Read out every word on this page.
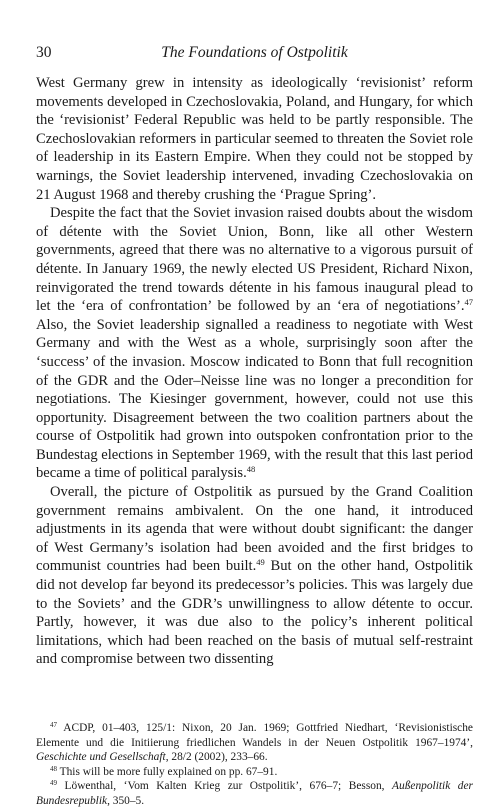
30	The Foundations of Ostpolitik

West Germany grew in intensity as ideologically ‘revisionist’ reform movements developed in Czechoslovakia, Poland, and Hungary, for which the ‘revisionist’ Federal Republic was held to be partly responsible. The Czechoslovakian reformers in particular seemed to threaten the Soviet role of leadership in its Eastern Empire. When they could not be stopped by warnings, the Soviet leadership intervened, invading Czechoslovakia on 21 August 1968 and thereby crushing the ‘Prague Spring’.

Despite the fact that the Soviet invasion raised doubts about the wisdom of détente with the Soviet Union, Bonn, like all other Western governments, agreed that there was no alternative to a vigorous pursuit of détente. In January 1969, the newly elected US President, Richard Nixon, reinvigorated the trend towards détente in his famous inaugural plead to let the ‘era of confrontation’ be followed by an ‘era of negotiations’.$^{47}$ Also, the Soviet leadership signalled a readiness to negotiate with West Germany and with the West as a whole, surprisingly soon after the ‘success’ of the invasion. Moscow indicated to Bonn that full recognition of the GDR and the Oder–Neisse line was no longer a precondition for negotiations. The Kiesinger government, however, could not use this opportunity. Disagreement between the two coalition partners about the course of Ostpolitik had grown into outspoken confrontation prior to the Bundestag elections in September 1969, with the result that this last period became a time of political paralysis.$^{48}$

Overall, the picture of Ostpolitik as pursued by the Grand Coalition government remains ambivalent. On the one hand, it introduced adjustments in its agenda that were without doubt significant: the danger of West Germany’s isolation had been avoided and the first bridges to communist countries had been built.$^{49}$ But on the other hand, Ostpolitik did not develop far beyond its predecessor’s policies. This was largely due to the Soviets’ and the GDR’s unwillingness to allow détente to occur. Partly, however, it was due also to the policy’s inherent political limitations, which had been reached on the basis of mutual self-restraint and compromise between two dissenting

$^{47}$ ACDP, 01–403, 125/1: Nixon, 20 Jan. 1969; Gottfried Niedhart, ‘Revisionistische Elemente und die Initiierung friedlichen Wandels in der Neuen Ostpolitik 1967–1974’, Geschichte und Gesellschaft, 28/2 (2002), 233–66.

$^{48}$ This will be more fully explained on pp. 67–91.

$^{49}$ Löwenthal, ‘Vom Kalten Krieg zur Ostpolitik’, 676–7; Besson, Außenpolitik der Bundesrepublik, 350–5.
